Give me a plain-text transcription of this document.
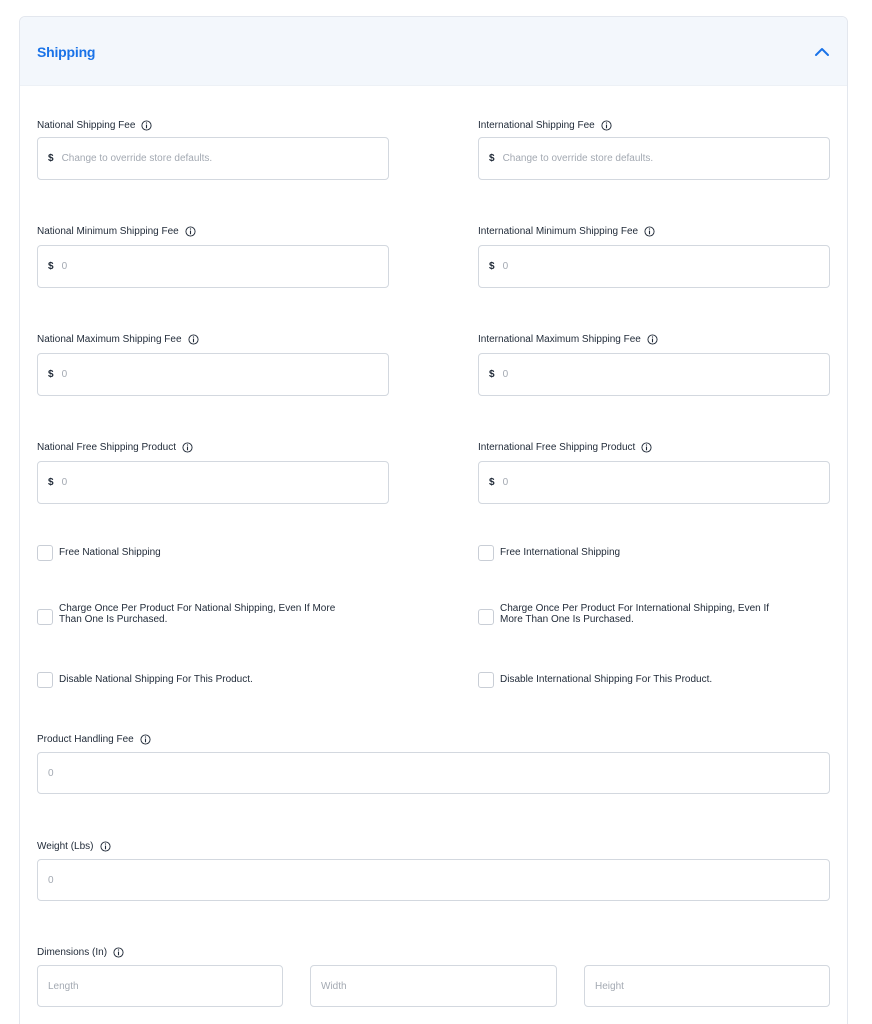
Shipping
National Shipping Fee
$
Change to override store defaults.
International Shipping Fee
$
Change to override store defaults.
National Minimum Shipping Fee
$
0
International Minimum Shipping Fee
$
0
National Maximum Shipping Fee
$
0
International Maximum Shipping Fee
$
0
National Free Shipping Product
$
0
International Free Shipping Product
$
0
Free National Shipping	Free International Shipping
Charge Once Per Product For National Shipping, Even If More
Than One Is Purchased.
Charge Once Per Product For International Shipping, Even If
More Than One Is Purchased.
Disable National Shipping For This Product.	Disable International Shipping For This Product.
Product Handling Fee
0
Weight (Lbs)
0
Dimensions (In)
Length
Width
Height
